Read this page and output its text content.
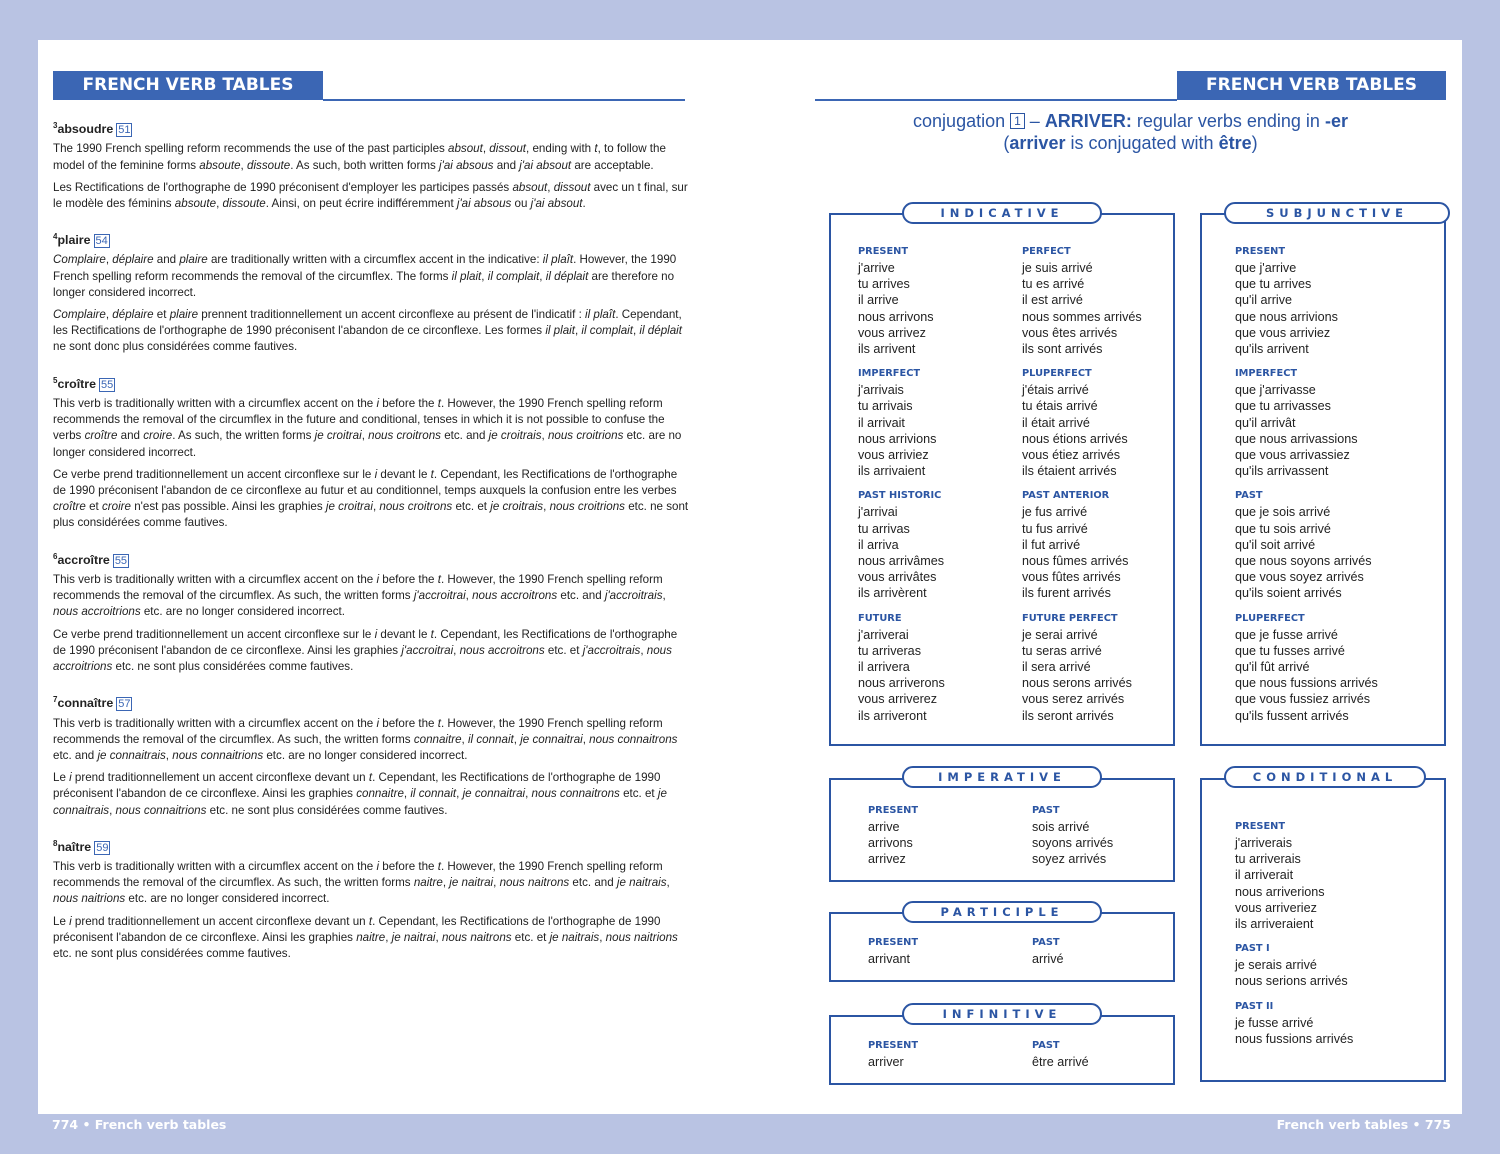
FRENCH VERB TABLES	FRENCH VERB TABLES
$^3$absoudre 51

The 1990 French spelling reform recommends the use of the past participles absout, dissout, ending with t, to follow the model of the feminine forms absoute, dissoute. As such, both written forms j'ai absous and j'ai absout are acceptable.

Les Rectifications de l'orthographe de 1990 préconisent d'employer les participes passés absout, dissout avec un t final, sur le modèle des féminins absoute, dissoute. Ainsi, on peut écrire indifféremment j'ai absous ou j'ai absout.

$^4$plaire 54

Complaire, déplaire and plaire are traditionally written with a circumflex accent in the indicative: il plaît. However, the 1990 French spelling reform recommends the removal of the circumflex. The forms il plait, il complait, il déplait are therefore no longer considered incorrect.

Complaire, déplaire et plaire prennent traditionnellement un accent circonflexe au présent de l'indicatif : il plaît. Cependant, les Rectifications de l'orthographe de 1990 préconisent l'abandon de ce circonflexe. Les formes il plait, il complait, il déplait ne sont donc plus considérées comme fautives.

$^5$croître 55

This verb is traditionally written with a circumflex accent on the i before the t. However, the 1990 French spelling reform recommends the removal of the circumflex in the future and conditional, tenses in which it is not possible to confuse the verbs croître and croire. As such, the written forms je croitrai, nous croitrons etc. and je croitrais, nous croitrions etc. are no longer considered incorrect.

Ce verbe prend traditionnellement un accent circonflexe sur le i devant le t. Cependant, les Rectifications de l'orthographe de 1990 préconisent l'abandon de ce circonflexe au futur et au conditionnel, temps auxquels la confusion entre les verbes croître et croire n'est pas possible. Ainsi les graphies je croitrai, nous croitrons etc. et je croitrais, nous croitrions etc. ne sont plus considérées comme fautives.

$^6$accroître 55

This verb is traditionally written with a circumflex accent on the i before the t. However, the 1990 French spelling reform recommends the removal of the circumflex. As such, the written forms j'accroitrai, nous accroitrons etc. and j'accroitrais, nous accroitrions etc. are no longer considered incorrect.

Ce verbe prend traditionnellement un accent circonflexe sur le i devant le t. Cependant, les Rectifications de l'orthographe de 1990 préconisent l'abandon de ce circonflexe. Ainsi les graphies j'accroitrai, nous accroitrons etc. et j'accroitrais, nous accroitrions etc. ne sont plus considérées comme fautives.

$^7$connaître 57

This verb is traditionally written with a circumflex accent on the i before the t. However, the 1990 French spelling reform recommends the removal of the circumflex. As such, the written forms connaitre, il connait, je connaitrai, nous connaitrons etc. and je connaitrais, nous connaitrions etc. are no longer considered incorrect.

Le i prend traditionnellement un accent circonflexe devant un t. Cependant, les Rectifications de l'orthographe de 1990 préconisent l'abandon de ce circonflexe. Ainsi les graphies connaitre, il connait, je connaitrai, nous connaitrons etc. et je connaitrais, nous connaitrions etc. ne sont plus considérées comme fautives.

$^8$naître 59

This verb is traditionally written with a circumflex accent on the i before the t. However, the 1990 French spelling reform recommends the removal of the circumflex. As such, the written forms naitre, je naitrai, nous naitrons etc. and je naitrais, nous naitrions etc. are no longer considered incorrect.

Le i prend traditionnellement un accent circonflexe devant un t. Cependant, les Rectifications de l'orthographe de 1990 préconisent l'abandon de ce circonflexe. Ainsi les graphies naitre, je naitrai, nous naitrons etc. et je naitrais, nous naitrions etc. ne sont plus considérées comme fautives.

conjugation 1 – ARRIVER: regular verbs ending in -er
(arriver is conjugated with être)
PRESENT
j'arrive
tu arrives
il arrive
nous arrivons
vous arrivez
ils arrivent
IMPERFECT
j'arrivais
tu arrivais
il arrivait
nous arrivions
vous arriviez
ils arrivaient
PAST HISTORIC
j'arrivai
tu arrivas
il arriva
nous arrivâmes
vous arrivâtes
ils arrivèrent
FUTURE
j'arriverai
tu arriveras
il arrivera
nous arriverons
vous arriverez
ils arriveront
PERFECT
je suis arrivé
tu es arrivé
il est arrivé
nous sommes arrivés
vous êtes arrivés
ils sont arrivés
PLUPERFECT
j'étais arrivé
tu étais arrivé
il était arrivé
nous étions arrivés
vous étiez arrivés
ils étaient arrivés
PAST ANTERIOR
je fus arrivé
tu fus arrivé
il fut arrivé
nous fûmes arrivés
vous fûtes arrivés
ils furent arrivés
FUTURE PERFECT
je serai arrivé
tu seras arrivé
il sera arrivé
nous serons arrivés
vous serez arrivés
ils seront arrivés
INDICATIVE
PRESENT
que j'arrive
que tu arrives
qu'il arrive
que nous arrivions
que vous arriviez
qu'ils arrivent
IMPERFECT
que j'arrivasse
que tu arrivasses
qu'il arrivât
que nous arrivassions
que vous arrivassiez
qu'ils arrivassent
PAST
que je sois arrivé
que tu sois arrivé
qu'il soit arrivé
que nous soyons arrivés
que vous soyez arrivés
qu'ils soient arrivés
PLUPERFECT
que je fusse arrivé
que tu fusses arrivé
qu'il fût arrivé
que nous fussions arrivés
que vous fussiez arrivés
qu'ils fussent arrivés
SUBJUNCTIVE
PRESENT
arrive
arrivons
arrivez
PAST
sois arrivé
soyons arrivés
soyez arrivés
IMPERATIVE
PRESENT
arrivant
PAST
arrivé
PARTICIPLE
PRESENT
arriver
PAST
être arrivé
INFINITIVE
PRESENT
j'arriverais
tu arriverais
il arriverait
nous arriverions
vous arriveriez
ils arriveraient
PAST I
je serais arrivé
nous serions arrivés
PAST II
je fusse arrivé
nous fussions arrivés
CONDITIONAL
774 • French verb tables	French verb tables • 775
